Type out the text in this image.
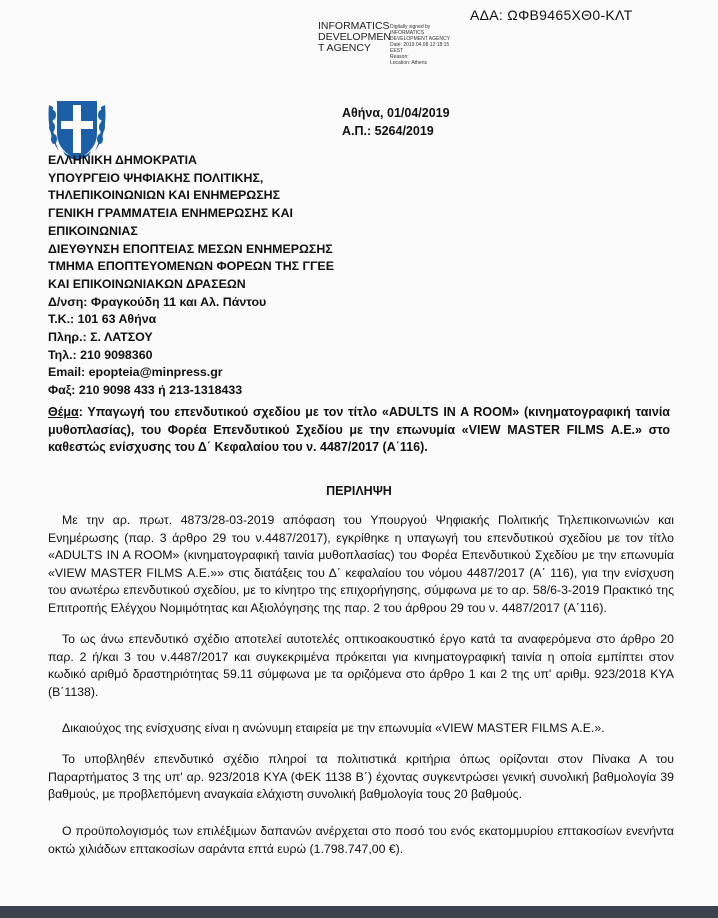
ΑΔΑ: ΩΦΒ9465ΧΘ0-ΚΛΤ
INFORMATICS
DEVELOPMEN
T AGENCY
Digitally signed by
INFORMATICS
DEVELOPMENT AGENCY
Date: 2019.04.08 12:18:15
EEST
Reason:
Location: Athens
Αθήνα, 01/04/2019
Α.Π.: 5264/2019
ΕΛΛΗΝΙΚΗ ΔΗΜΟΚΡΑΤΙΑ
ΥΠΟΥΡΓΕΙΟ ΨΗΦΙΑΚΗΣ ΠΟΛΙΤΙΚΗΣ,
ΤΗΛΕΠΙΚΟΙΝΩΝΙΩΝ ΚΑΙ ΕΝΗΜΕΡΩΣΗΣ
ΓΕΝΙΚΗ ΓΡΑΜΜΑΤΕΙΑ ΕΝΗΜΕΡΩΣΗΣ ΚΑΙ
ΕΠΙΚΟΙΝΩΝΙΑΣ
ΔΙΕΥΘΥΝΣΗ ΕΠΟΠΤΕΙΑΣ ΜΕΣΩΝ ΕΝΗΜΕΡΩΣΗΣ
ΤΜΗΜΑ ΕΠΟΠΤΕΥΟΜΕΝΩΝ ΦΟΡΕΩΝ ΤΗΣ ΓΓΕΕ
ΚΑΙ ΕΠΙΚΟΙΝΩΝΙΑΚΩΝ ΔΡΑΣΕΩΝ
Δ/νση: Φραγκούδη 11 και Αλ. Πάντου
Τ.Κ.: 101 63 Αθήνα
Πληρ.: Σ. ΛΑΤΣΟΥ
Τηλ.: 210 9098360
Email: epopteia@minpress.gr
Φαξ: 210 9098 433 ή 213-1318433
Θέμα: Υπαγωγή του επενδυτικού σχεδίου με τον τίτλο «ADULTS IN A ROOM» (κινηματογραφική ταινία μυθοπλασίας), του Φορέα Επενδυτικού Σχεδίου με την επωνυμία «VIEW MASTER FILMS Α.Ε.» στο καθεστώς ενίσχυσης του Δ΄ Κεφαλαίου του ν. 4487/2017 (Α΄116).
ΠΕΡΙΛΗΨΗ
Με την αρ. πρωτ. 4873/28-03-2019 απόφαση του Υπουργού Ψηφιακής Πολιτικής Τηλεπικοινωνιών και Ενημέρωσης (παρ. 3 άρθρο 29 του ν.4487/2017), εγκρίθηκε η υπαγωγή του επενδυτικού σχεδίου με τον τίτλο «ADULTS IN A ROOM» (κινηματογραφική ταινία μυθοπλασίας) του Φορέα Επενδυτικού Σχεδίου με την επωνυμία «VIEW MASTER FILMS Α.Ε.»» στις διατάξεις του Δ΄ κεφαλαίου του νόμου 4487/2017 (Α΄ 116), για την ενίσχυση του ανωτέρω επενδυτικού σχεδίου, με το κίνητρο της επιχορήγησης, σύμφωνα με το αρ. 58/6-3-2019 Πρακτικό της Επιτροπής Ελέγχου Νομιμότητας και Αξιολόγησης της παρ. 2 του άρθρου 29 του ν. 4487/2017 (Α΄116).
Το ως άνω επενδυτικό σχέδιο αποτελεί αυτοτελές οπτικοακουστικό έργο κατά τα αναφερόμενα στο άρθρο 20 παρ. 2 ή/και 3 του ν.4487/2017 και συγκεκριμένα πρόκειται για κινηματογραφική ταινία η οποία εμπίπτει στον κωδικό αριθμό δραστηριότητας 59.11 σύμφωνα με τα οριζόμενα στο άρθρο 1 και 2 της υπ' αριθμ. 923/2018 ΚΥΑ (Β΄1138).
Δικαιούχος της ενίσχυσης είναι η ανώνυμη εταιρεία με την επωνυμία «VIEW MASTER FILMS Α.Ε.».
Το υποβληθέν επενδυτικό σχέδιο πληροί τα πολιτιστικά κριτήρια όπως ορίζονται στον Πίνακα Α του Παραρτήματος 3 της υπ' αρ. 923/2018 ΚΥΑ (ΦΕΚ 1138 Β΄) έχοντας συγκεντρώσει γενική συνολική βαθμολογία 39 βαθμούς, με προβλεπόμενη αναγκαία ελάχιστη συνολική βαθμολογία τους 20 βαθμούς.
Ο προϋπολογισμός των επιλέξιμων δαπανών ανέρχεται στο ποσό του ενός εκατομμυρίου επτακοσίων ενενήντα οκτώ χιλιάδων επτακοσίων σαράντα επτά ευρώ (1.798.747,00 €).
